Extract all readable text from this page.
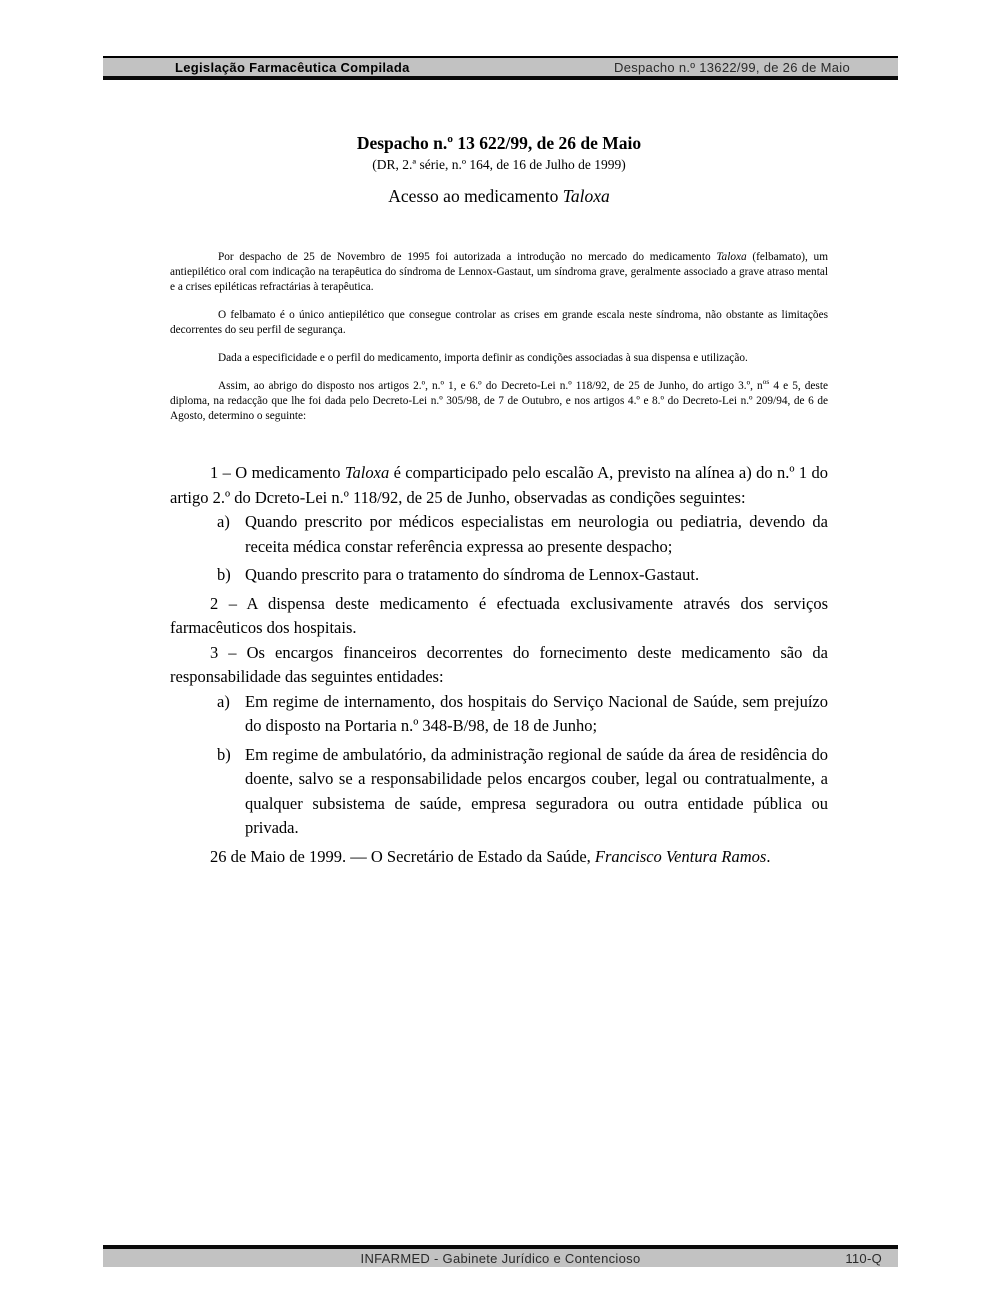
Legislação Farmacêutica Compilada	Despacho n.º 13622/99, de 26 de Maio
Despacho n.º 13 622/99, de 26 de Maio
(DR, 2.ª série, n.º 164, de 16 de Julho de 1999)
Acesso ao medicamento Taloxa

Por despacho de 25 de Novembro de 1995 foi autorizada a introdução no mercado do medicamento Taloxa (felbamato), um antiepilético oral com indicação na terapêutica do síndroma de Lennox-Gastaut, um síndroma grave, geralmente associado a grave atraso mental e a crises epiléticas refractárias à terapêutica.

O felbamato é o único antiepilético que consegue controlar as crises em grande escala neste síndroma, não obstante as limitações decorrentes do seu perfil de segurança.

Dada a especificidade e o perfil do medicamento, importa definir as condições associadas à sua dispensa e utilização.

Assim, ao abrigo do disposto nos artigos 2.º, n.º 1, e 6.º do Decreto-Lei n.º 118/92, de 25 de Junho, do artigo 3.º, $n^{os}$ 4 e 5, deste diploma, na redacção que lhe foi dada pelo Decreto-Lei n.º 305/98, de 7 de Outubro, e nos artigos 4.º e 8.º do Decreto-Lei n.º 209/94, de 6 de Agosto, determino o seguinte:

1 – O medicamento Taloxa é comparticipado pelo escalão A, previsto na alínea a) do n.º 1 do artigo 2.º do Dcreto-Lei n.º 118/92, de 25 de Junho, observadas as condições seguintes:

a) Quando prescrito por médicos especialistas em neurologia ou pediatria, devendo da receita médica constar referência expressa ao presente despacho;
b) Quando prescrito para o tratamento do síndroma de Lennox-Gastaut.

2 – A dispensa deste medicamento é efectuada exclusivamente através dos serviços farmacêuticos dos hospitais.

3 – Os encargos financeiros decorrentes do fornecimento deste medicamento são da responsabilidade das seguintes entidades:

a) Em regime de internamento, dos hospitais do Serviço Nacional de Saúde, sem prejuízo do disposto na Portaria n.º 348-B/98, de 18 de Junho;
b) Em regime de ambulatório, da administração regional de saúde da área de residência do doente, salvo se a responsabilidade pelos encargos couber, legal ou contratualmente, a qualquer subsistema de saúde, empresa seguradora ou outra entidade pública ou privada.

26 de Maio de 1999. — O Secretário de Estado da Saúde, Francisco Ventura Ramos.

INFARMED - Gabinete Jurídico e Contencioso	110-Q
